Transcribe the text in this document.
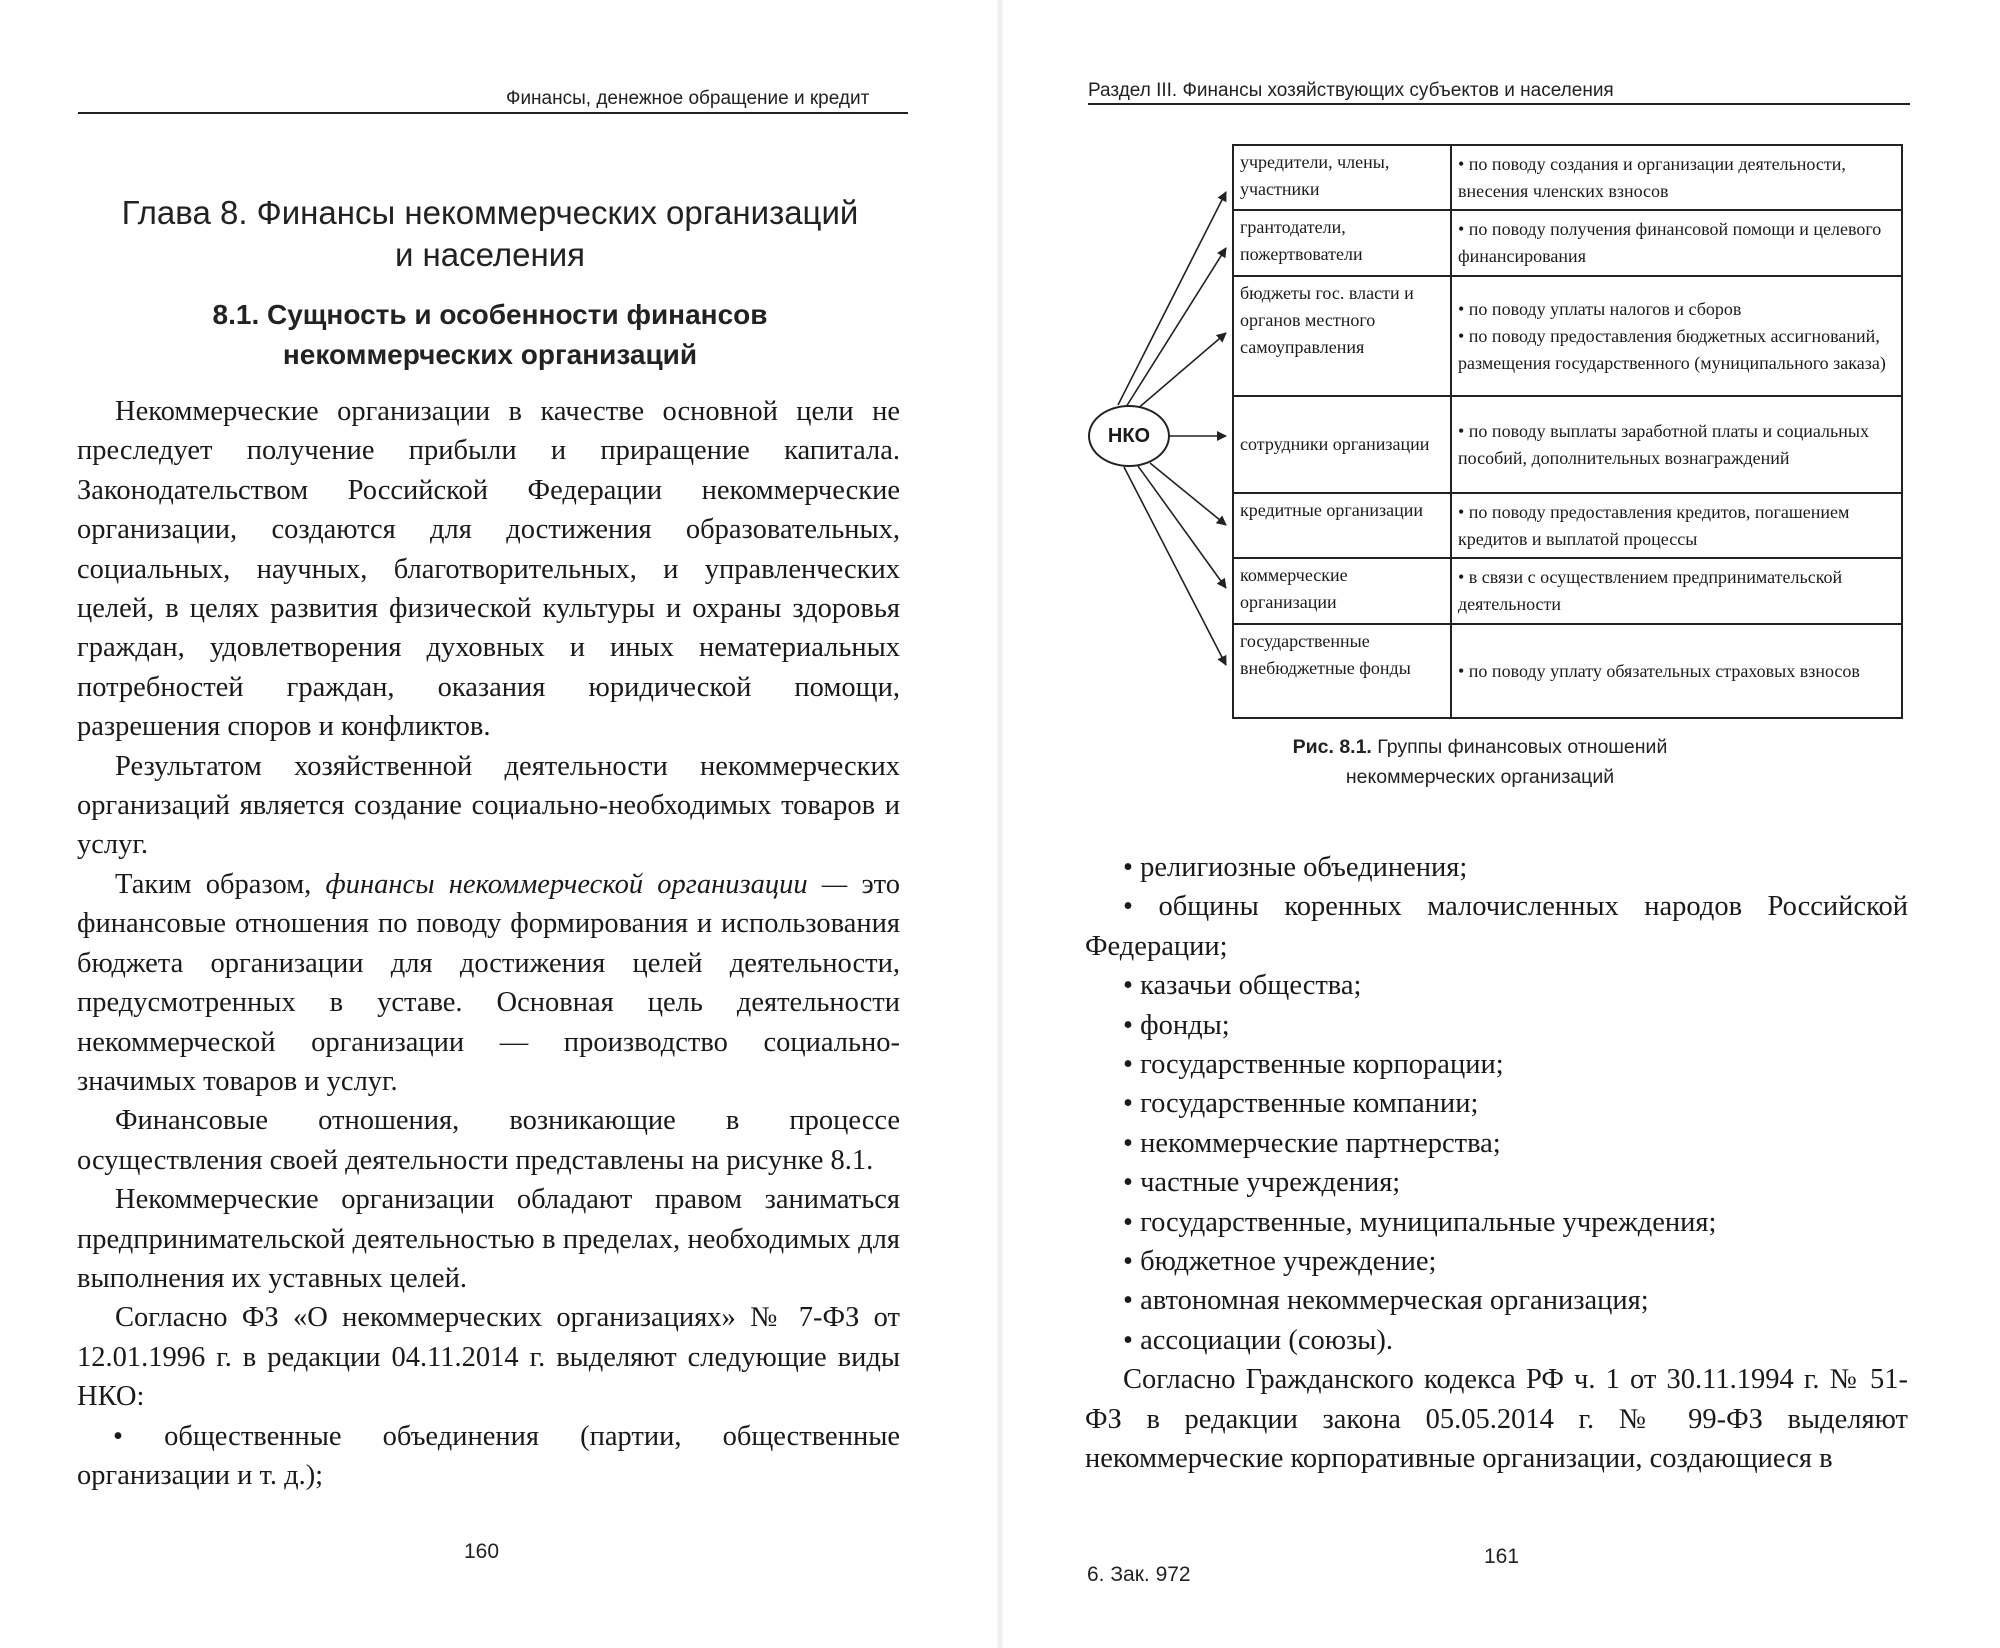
Финансы, денежное обращение и кредит
Глава 8. Финансы некоммерческих организаций
и населения
8.1. Сущность и особенности финансов
некоммерческих организаций

Некоммерческие организации в качестве основной цели не преследует получение прибыли и приращение капитала. Законодательством Российской Федерации некоммерческие организации, создаются для достижения образовательных, социальных, научных, благотворительных, и управленческих целей, в целях развития физической культуры и охраны здоровья граждан, удовлетворения духовных и иных нематериальных потребностей граждан, оказания юридической помощи, разрешения споров и конфликтов.

Результатом хозяйственной деятельности некоммерческих организаций является создание социально-необходимых товаров и услуг.

Таким образом, финансы некоммерческой организации — это финансовые отношения по поводу формирования и использования бюджета организации для достижения целей деятельности, предусмотренных в уставе. Основная цель деятельности некоммерческой организации — производство социально-значимых товаров и услуг.

Финансовые отношения, возникающие в процессе осуществления своей деятельности представлены на рисунке 8.1.

Некоммерческие организации обладают правом заниматься предпринимательской деятельностью в пределах, необходимых для выполнения их уставных целей.

Согласно ФЗ «О некоммерческих организациях» № 7-ФЗ от 12.01.1996 г. в редакции 04.11.2014 г. выделяют следующие виды НКО:

• общественные объединения (партии, общественные организации и т. д.);

160
Раздел III. Финансы хозяйствующих субъектов и населения
НКО
учредители, члены, участники
• по поводу создания и организации деятельности, внесения членских взносов
грантодатели, пожертвователи
• по поводу получения финансовой помощи и целевого финансирования
бюджеты гос. власти и органов местного самоуправления
• по поводу уплаты налогов и сборов
• по поводу предоставления бюджетных ассигнований, размещения государственного (муниципального заказа)
сотрудники организации
• по поводу выплаты заработной платы и социальных пособий, дополнительных вознаграждений
кредитные организации	• по поводу предоставления кредитов, погашением кредитов и выплатой процессы
коммерческие организации
• в связи с осуществлением предпринимательской деятельности
государственные внебюджетные фонды	• по поводу уплату обязательных страховых взносов
Рис. 8.1. Группы финансовых отношений
некоммерческих организаций

• религиозные объединения;

• общины коренных малочисленных народов Российской Федерации;

• казачьи общества;

• фонды;

• государственные корпорации;

• государственные компании;

• некоммерческие партнерства;

• частные учреждения;

• государственные, муниципальные учреждения;

• бюджетное учреждение;

• автономная некоммерческая организация;

• ассоциации (союзы).

Согласно Гражданского кодекса РФ ч. 1 от 30.11.1994 г. № 51-ФЗ в редакции закона 05.05.2014 г. № 99-ФЗ выделяют некоммерческие корпоративные организации, создающиеся в

6. Зак. 972
161
